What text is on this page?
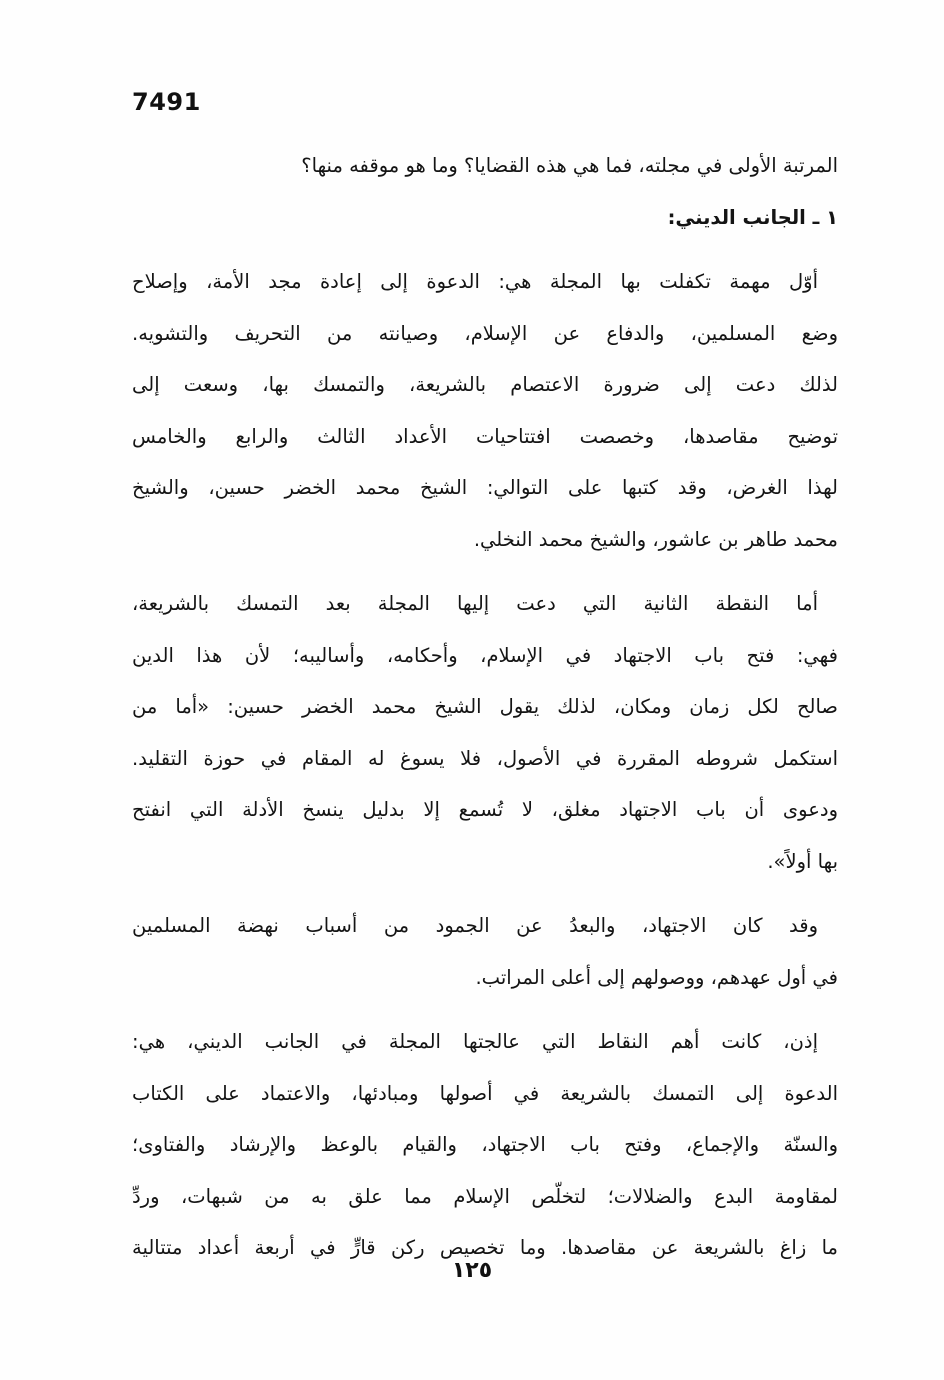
7491
المرتبة الأولى في مجلته، فما هي هذه القضايا؟ وما هو موقفه منها؟
١ ـ الجانب الديني:
أوّل مهمة تكفلت بها المجلة هي: الدعوة إلى إعادة مجد الأمة، وإصلاح
وضع المسلمين، والدفاع عن الإسلام، وصيانته من التحريف والتشويه.
لذلك دعت إلى ضرورة الاعتصام بالشريعة، والتمسك بها، وسعت إلى
توضيح مقاصدها، وخصصت افتتاحيات الأعداد الثالث والرابع والخامس
لهذا الغرض، وقد كتبها على التوالي: الشيخ محمد الخضر حسين، والشيخ
محمد طاهر بن عاشور، والشيخ محمد النخلي.
أما النقطة الثانية التي دعت إليها المجلة بعد التمسك بالشريعة،
فهي: فتح باب الاجتهاد في الإسلام، وأحكامه، وأساليبه؛ لأن هذا الدين
صالح لكل زمان ومكان، لذلك يقول الشيخ محمد الخضر حسين: «أما من
استكمل شروطه المقررة في الأصول، فلا يسوغ له المقام في حوزة التقليد.
ودعوى أن باب الاجتهاد مغلق، لا تُسمع إلا بدليل ينسخ الأدلة التي انفتح
بها أولاً».
وقد كان الاجتهاد، والبعدُ عن الجمود من أسباب نهضة المسلمين
في أول عهدهم، ووصولهم إلى أعلى المراتب.
إذن، كانت أهم النقاط التي عالجتها المجلة في الجانب الديني، هي:
الدعوة إلى التمسك بالشريعة في أصولها ومبادئها، والاعتماد على الكتاب
والسنّة والإجماع، وفتح باب الاجتهاد، والقيام بالوعظ والإرشاد والفتاوى؛
لمقاومة البدع والضلالات؛ لتخلّص الإسلام مما علق به من شبهات، وردِّ
ما زاغ بالشريعة عن مقاصدها. وما تخصيص ركن قارٍّ في أربعة أعداد متتالية
١٢٥
